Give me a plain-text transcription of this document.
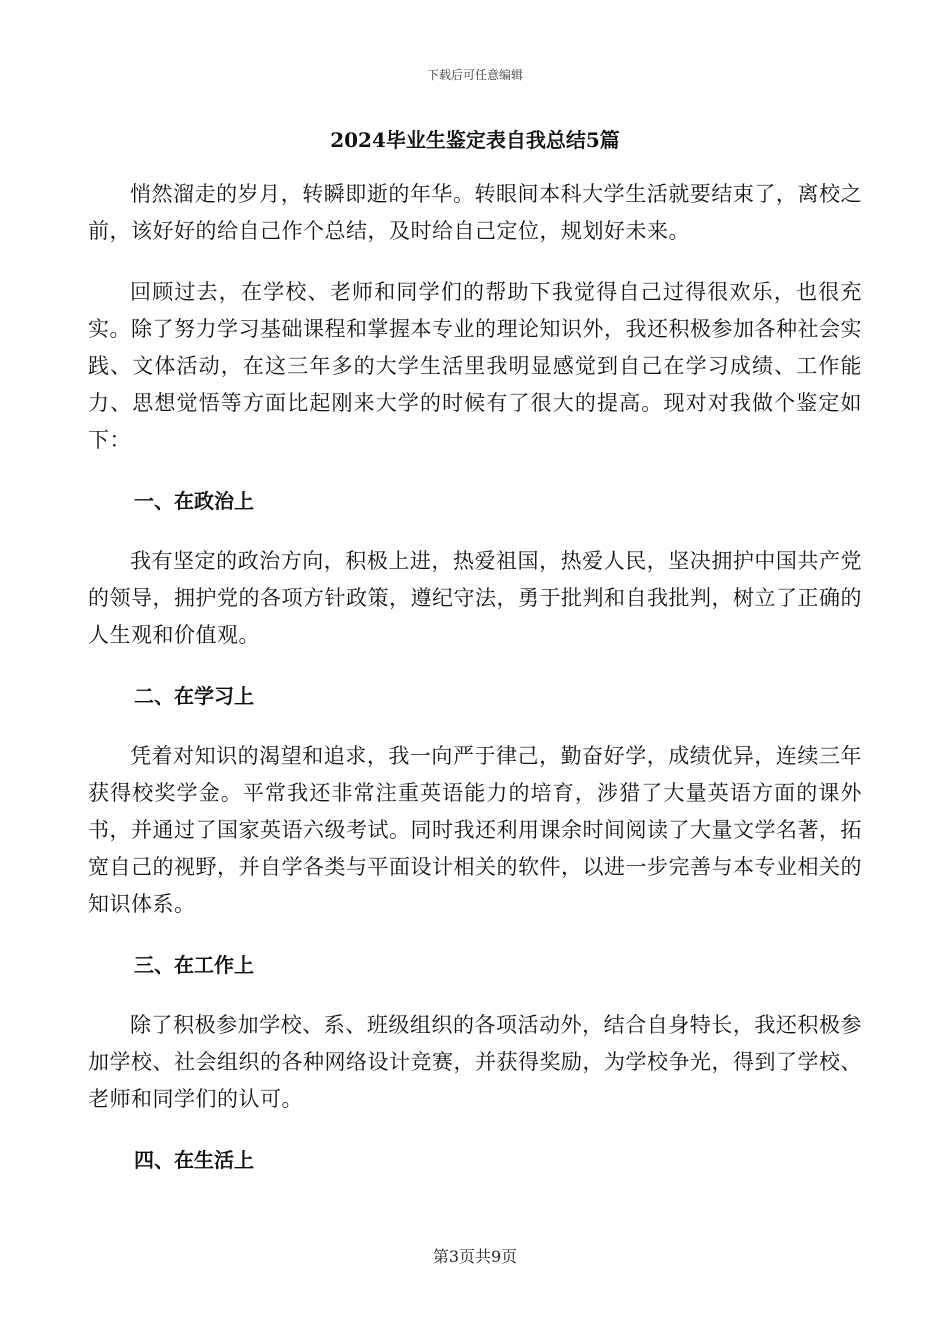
下载后可任意编辑
2024毕业生鉴定表自我总结5篇

悄然溜走的岁月，转瞬即逝的年华。转眼间本科大学生活就要结束了，离校之前，该好好的给自己作个总结，及时给自己定位，规划好未来。

回顾过去，在学校、老师和同学们的帮助下我觉得自己过得很欢乐，也很充实。除了努力学习基础课程和掌握本专业的理论知识外，我还积极参加各种社会实践、文体活动，在这三年多的大学生活里我明显感觉到自己在学习成绩、工作能力、思想觉悟等方面比起刚来大学的时候有了很大的提高。现对对我做个鉴定如下：

一、在政治上

我有坚定的政治方向，积极上进，热爱祖国，热爱人民，坚决拥护中国共产党的领导，拥护党的各项方针政策，遵纪守法，勇于批判和自我批判，树立了正确的人生观和价值观。

二、在学习上

凭着对知识的渴望和追求，我一向严于律己，勤奋好学，成绩优异，连续三年获得校奖学金。平常我还非常注重英语能力的培育，涉猎了大量英语方面的课外书，并通过了国家英语六级考试。同时我还利用课余时间阅读了大量文学名著，拓宽自己的视野，并自学各类与平面设计相关的软件，以进一步完善与本专业相关的知识体系。

三、在工作上

除了积极参加学校、系、班级组织的各项活动外，结合自身特长，我还积极参加学校、社会组织的各种网络设计竞赛，并获得奖励，为学校争光，得到了学校、老师和同学们的认可。

四、在生活上
第3页共9页
